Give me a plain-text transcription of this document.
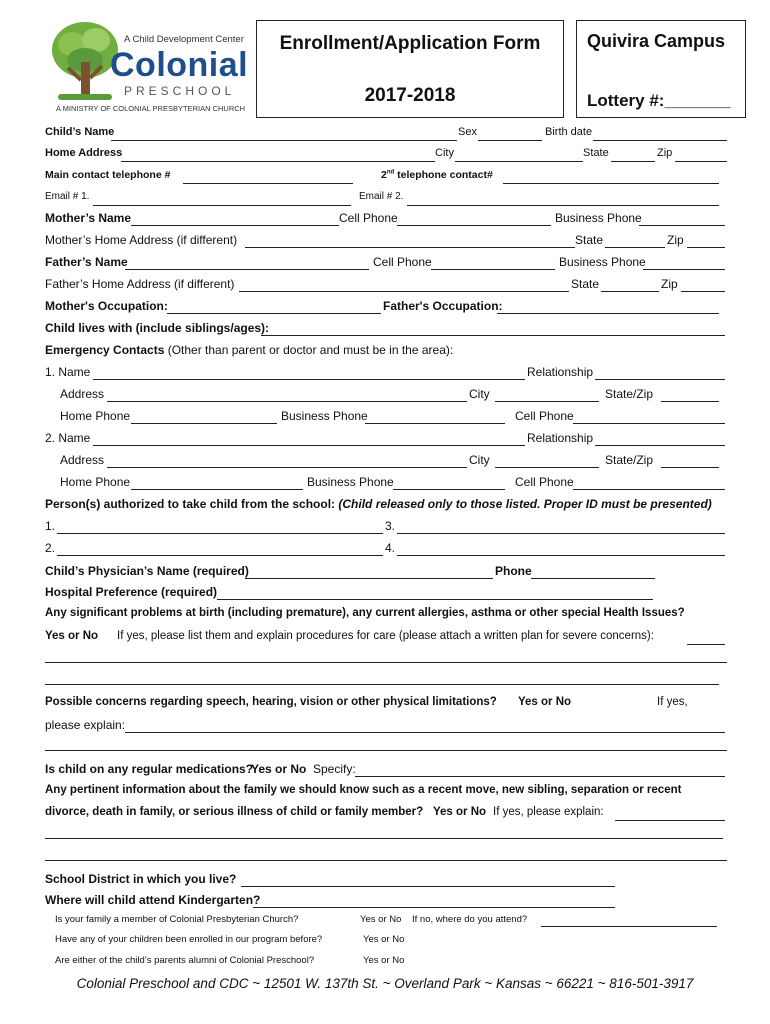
A Child Development Center
Colonial
PRESCHOOL
A MINISTRY OF COLONIAL PRESBYTERIAN CHURCH
Enrollment/Application Form
2017-2018
Quivira Campus
Lottery #:_______
Child’s Name	Sex	Birth date
Home Address	City	State	Zip
Main contact telephone #	2nd telephone contact#
Email # 1.	Email # 2.
Mother’s Name	Cell Phone	Business Phone
Mother’s Home Address (if different)	State	Zip
Father’s Name	Cell Phone	Business Phone
Father’s Home Address (if different)	State	Zip
Mother's Occupation:	Father's Occupation:
Child lives with (include siblings/ages):
Emergency Contacts (Other than parent or doctor and must be in the area):
1. Name	Relationship
Address	City	State/Zip
Home Phone	Business Phone	Cell Phone
2. Name	Relationship
Address	City	State/Zip
Home Phone	Business Phone	Cell Phone
Person(s) authorized to take child from the school: (Child released only to those listed. Proper ID must be presented)
1.	3.
2.	4.
Child’s Physician’s Name (required)	Phone
Hospital Preference (required)
Any significant problems at birth (including premature), any current allergies, asthma or other special Health Issues?
Yes or No If yes, please list them and explain procedures for care (please attach a written plan for severe concerns):
Possible concerns regarding speech, hearing, vision or other physical limitations? Yes or No	If yes,
please explain:
Is child on any regular medications?
Yes or No Specify:
Any pertinent information about the family we should know such as a recent move, new sibling, separation or recent
divorce, death in family, or serious illness of child or family member? Yes or No If yes, please explain:
School District in which you live?
Where will child attend Kindergarten?
Is your family a member of Colonial Presbyterian Church?	Yes or No If no, where do you attend?
Have any of your children been enrolled in our program before?	Yes or No
Are either of the child’s parents alumni of Colonial Preschool?	Yes or No
Colonial Preschool and CDC ~ 12501 W. 137th St. ~ Overland Park ~ Kansas ~ 66221 ~ 816-501-3917
